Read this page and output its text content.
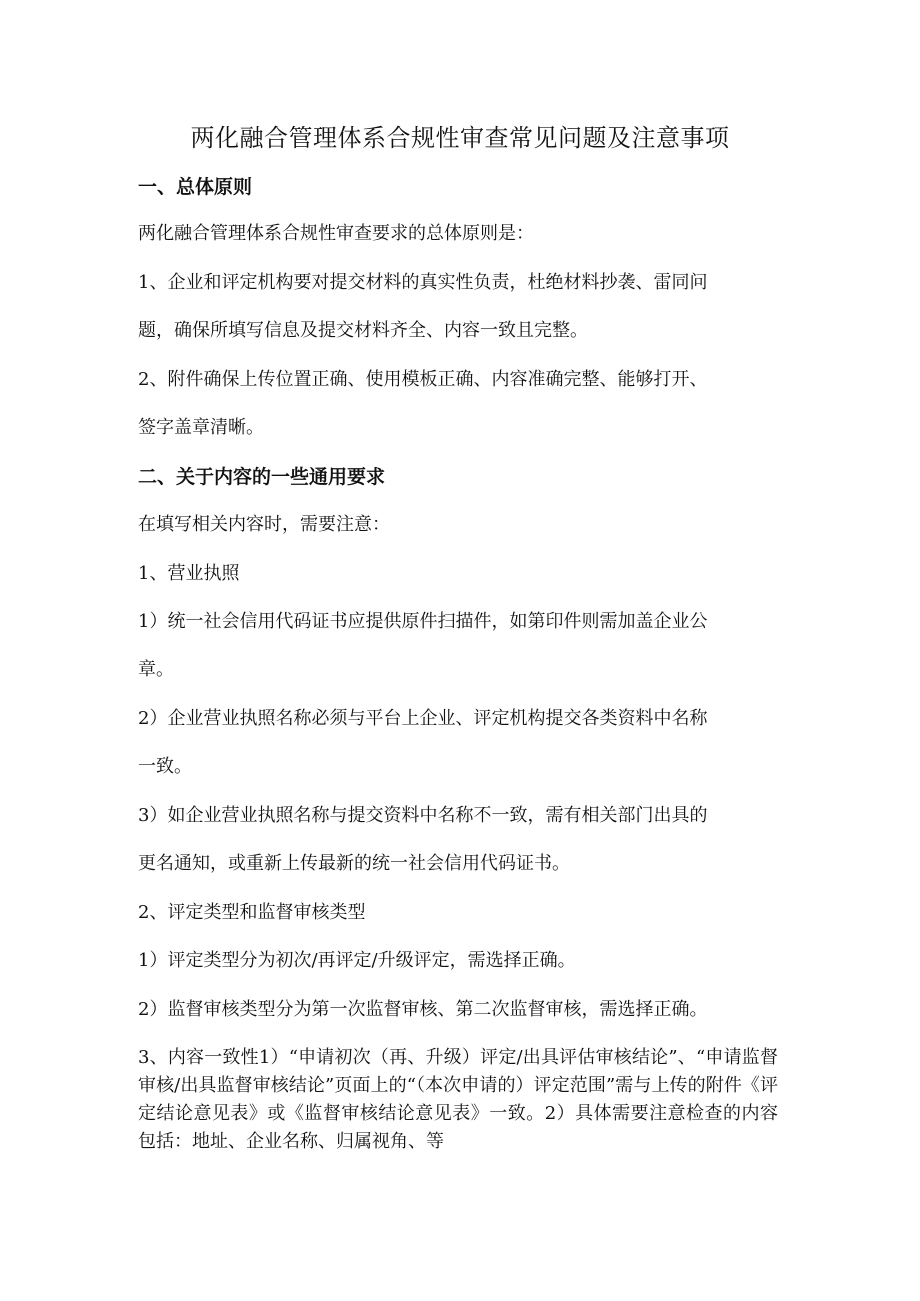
两化融合管理体系合规性审查常见问题及注意事项
一、总体原则
两化融合管理体系合规性审查要求的总体原则是：
1、企业和评定机构要对提交材料的真实性负责，杜绝材料抄袭、雷同问
题，确保所填写信息及提交材料齐全、内容一致且完整。
2、附件确保上传位置正确、使用模板正确、内容准确完整、能够打开、
签字盖章清晰。
二、关于内容的一些通用要求
在填写相关内容时，需要注意：
1、营业执照
1）统一社会信用代码证书应提供原件扫描件，如第印件则需加盖企业公
章。
2）企业营业执照名称必须与平台上企业、评定机构提交各类资料中名称
一致。
3）如企业营业执照名称与提交资料中名称不一致，需有相关部门出具的
更名通知，或重新上传最新的统一社会信用代码证书。
2、评定类型和监督审核类型
1）评定类型分为初次/再评定/升级评定，需选择正确。
2）监督审核类型分为第一次监督审核、第二次监督审核，需选择正确。
3、内容一致性1）“申请初次（再、升级）评定/出具评估审核结论”、“申请监督审核/出具监督审核结论”页面上的“（本次申请的）评定范围”需与上传的附件《评定结论意见表》或《监督审核结论意见表》一致。2）具体需要注意检查的内容包括：地址、企业名称、归属视角、等
